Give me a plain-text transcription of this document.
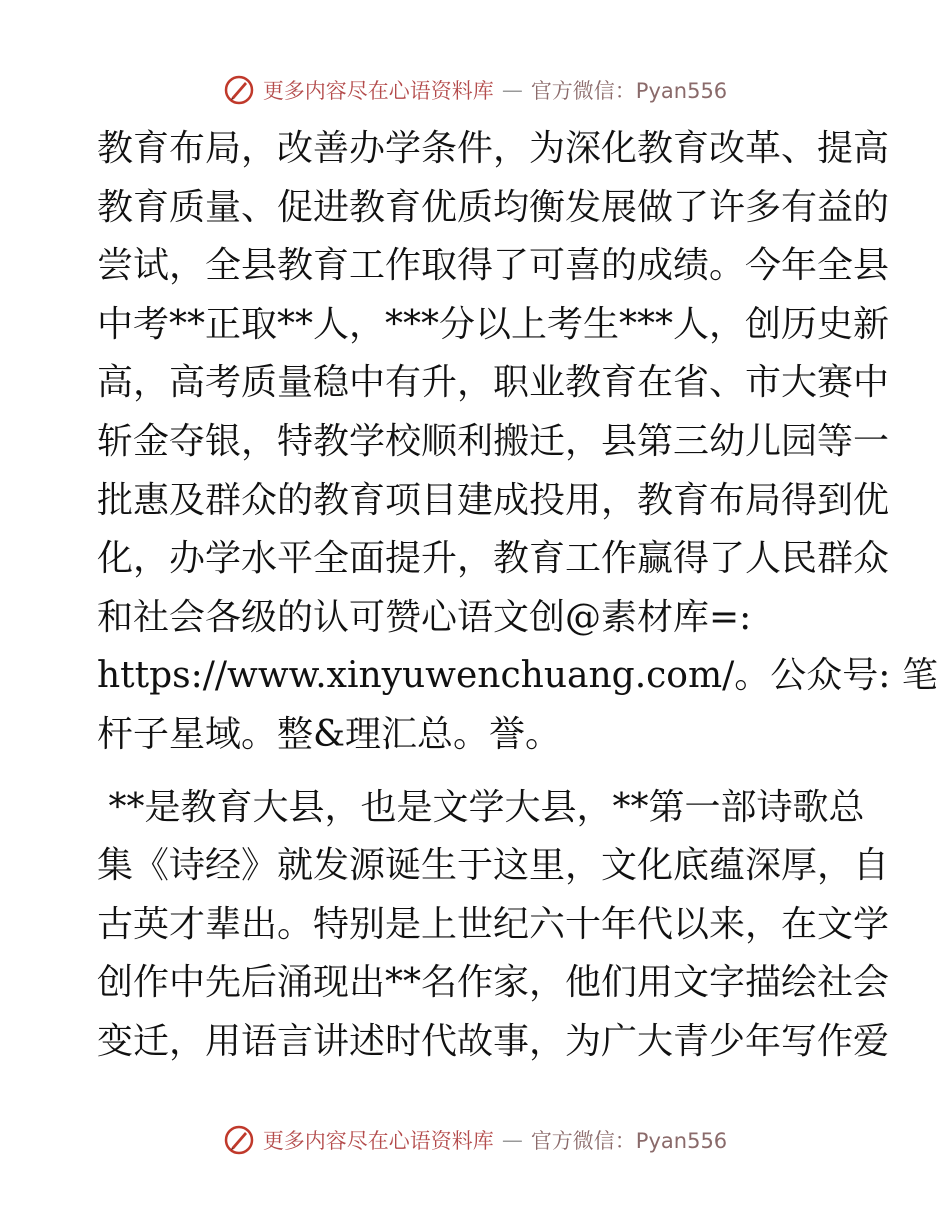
更多内容尽在心语资料库 — 官方微信：Pyan556
教育布局，改善办学条件，为深化教育改革、提高
教育质量、促进教育优质均衡发展做了许多有益的
尝试，全县教育工作取得了可喜的成绩。今年全县
中考**正取**人，***分以上考生***人，创历史新
高，高考质量稳中有升，职业教育在省、市大赛中
斩金夺银，特教学校顺利搬迁，县第三幼儿园等一
批惠及群众的教育项目建成投用，教育布局得到优
化，办学水平全面提升，教育工作赢得了人民群众
和社会各级的认可赞心语文创@素材库=:
https://www.xinyuwenchuang.com/。公众号: 笔
杆子星域。整&理汇总。誉。
**是教育大县，也是文学大县，**第一部诗歌总
集《诗经》就发源诞生于这里，文化底蕴深厚，自
古英才辈出。特别是上世纪六十年代以来，在文学
创作中先后涌现出**名作家，他们用文字描绘社会
变迁，用语言讲述时代故事，为广大青少年写作爱
更多内容尽在心语资料库 — 官方微信：Pyan556
